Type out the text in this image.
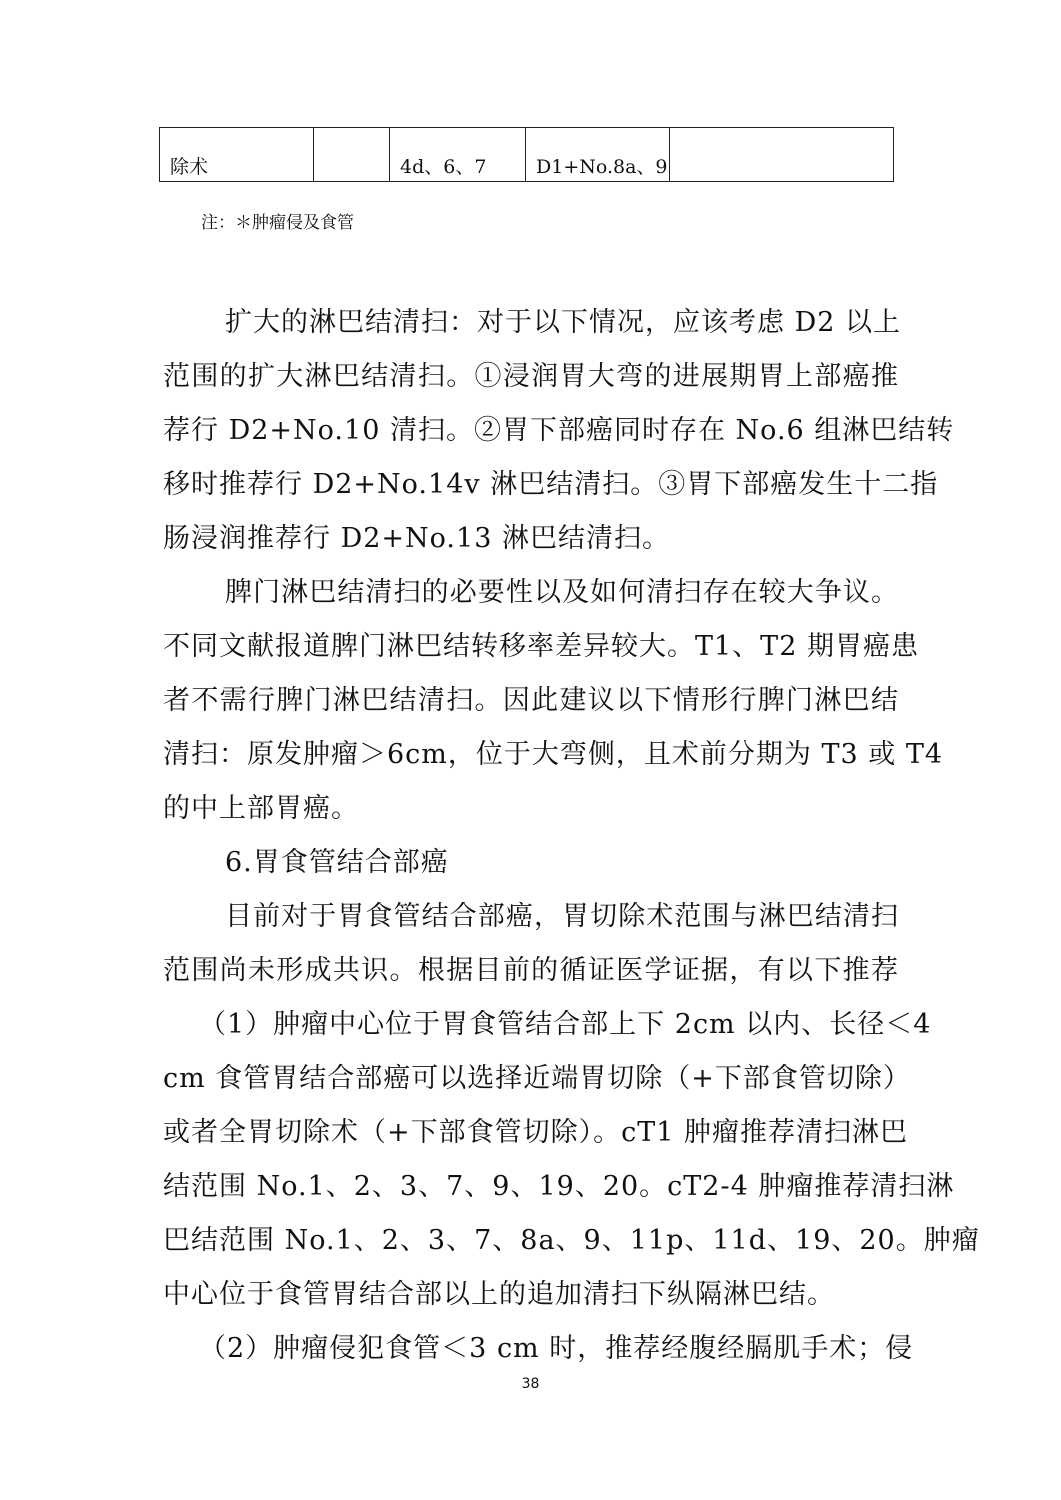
除术		4d、6、7	D1+No.8a、9	
注：＊肿瘤侵及食管

扩大的淋巴结清扫：对于以下情况，应该考虑 D2 以上
范围的扩大淋巴结清扫。①浸润胃大弯的进展期胃上部癌推
荐行 D2+No.10 清扫。②胃下部癌同时存在 No.6 组淋巴结转
移时推荐行 D2+No.14v 淋巴结清扫。③胃下部癌发生十二指
肠浸润推荐行 D2+No.13 淋巴结清扫。

脾门淋巴结清扫的必要性以及如何清扫存在较大争议。
不同文献报道脾门淋巴结转移率差异较大。T1、T2 期胃癌患
者不需行脾门淋巴结清扫。因此建议以下情形行脾门淋巴结
清扫：原发肿瘤＞6cm，位于大弯侧，且术前分期为 T3 或 T4
的中上部胃癌。

6.胃食管结合部癌

目前对于胃食管结合部癌，胃切除术范围与淋巴结清扫
范围尚未形成共识。根据目前的循证医学证据，有以下推荐

（1）肿瘤中心位于胃食管结合部上下 2cm 以内、长径＜4
cm 食管胃结合部癌可以选择近端胃切除（+下部食管切除）
或者全胃切除术（+下部食管切除）。cT1 肿瘤推荐清扫淋巴
结范围 No.1、2、3、7、9、19、20。cT2-4 肿瘤推荐清扫淋
巴结范围 No.1、2、3、7、8a、9、11p、11d、19、20。肿瘤
中心位于食管胃结合部以上的追加清扫下纵隔淋巴结。

（2）肿瘤侵犯食管＜3 cm 时，推荐经腹经膈肌手术；侵

38
